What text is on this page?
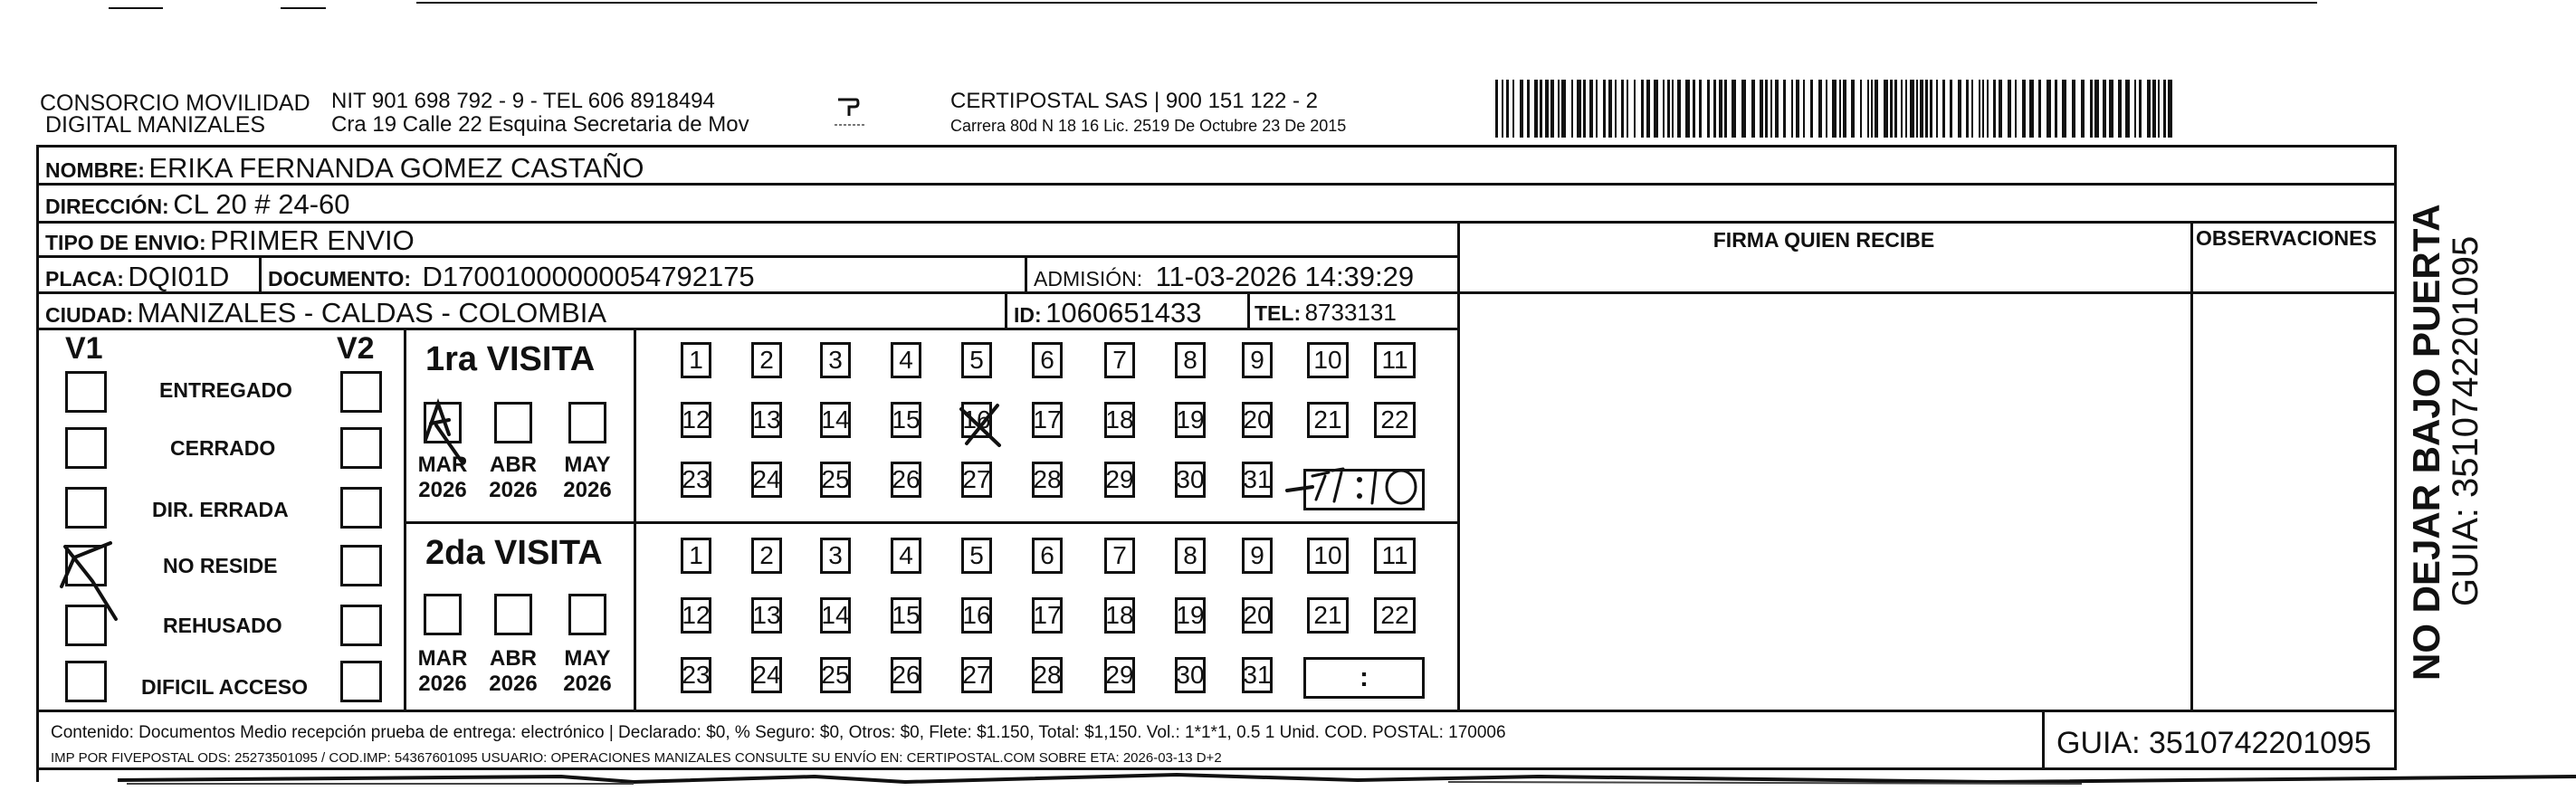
CONSORCIO MOVILIDAD
DIGITAL MANIZALES
NIT 901 698 792 - 9 - TEL 606 8918494
Cra 19 Calle 22 Esquina Secretaria de Mov
CERTIPOSTAL SAS | 900 151 122 - 2
Carrera 80d N 18 16 Lic. 2519 De Octubre 23 De 2015
NOMBRE: ERIKA FERNANDA GOMEZ CASTAÑO
DIRECCIÓN: CL 20 # 24-60
TIPO DE ENVIO: PRIMER ENVIO	FIRMA QUIEN RECIBE	OBSERVACIONES
PLACA: DQI01D DOCUMENTO: D17001000000054792175	ADMISIÓN: 11-03-2026 14:39:29
CIUDAD: MANIZALES - CALDAS - COLOMBIA	ID: 1060651433	TEL: 8733131
V1	V2
ENTREGADO
CERRADO
DIR. ERRADA
NO RESIDE
REHUSADO
DIFICIL ACCESO
1ra VISITA
MAR
2026
ABR
2026
MAY
2026
1	2	3	4	5	6	7	8	9	10	11
12 13 14 15 16 17 18 19 20 21 22
23 24 25 26 27 28 29 30 31
2da VISITA
MAR
2026
ABR
2026
MAY
2026
1	2	3	4	5	6	7	8	9	10	11
12 13 14 15 16 17 18 19 20 21 22
23 24 25 26 27 28 29 30 31	:
Contenido: Documentos Medio recepción prueba de entrega: electrónico | Declarado: $0, % Seguro: $0, Otros: $0, Flete: $1.150, Total: $1,150. Vol.: 1*1*1, 0.5 1 Unid. COD. POSTAL: 170006
IMP POR FIVEPOSTAL ODS: 25273501095 / COD.IMP: 54367601095 USUARIO: OPERACIONES MANIZALES CONSULTE SU ENVÍO EN: CERTIPOSTAL.COM SOBRE ETA: 2026-03-13 D+2	GUIA: 3510742201095
NO DEJAR BAJO PUERTA
GUIA: 3510742201095
